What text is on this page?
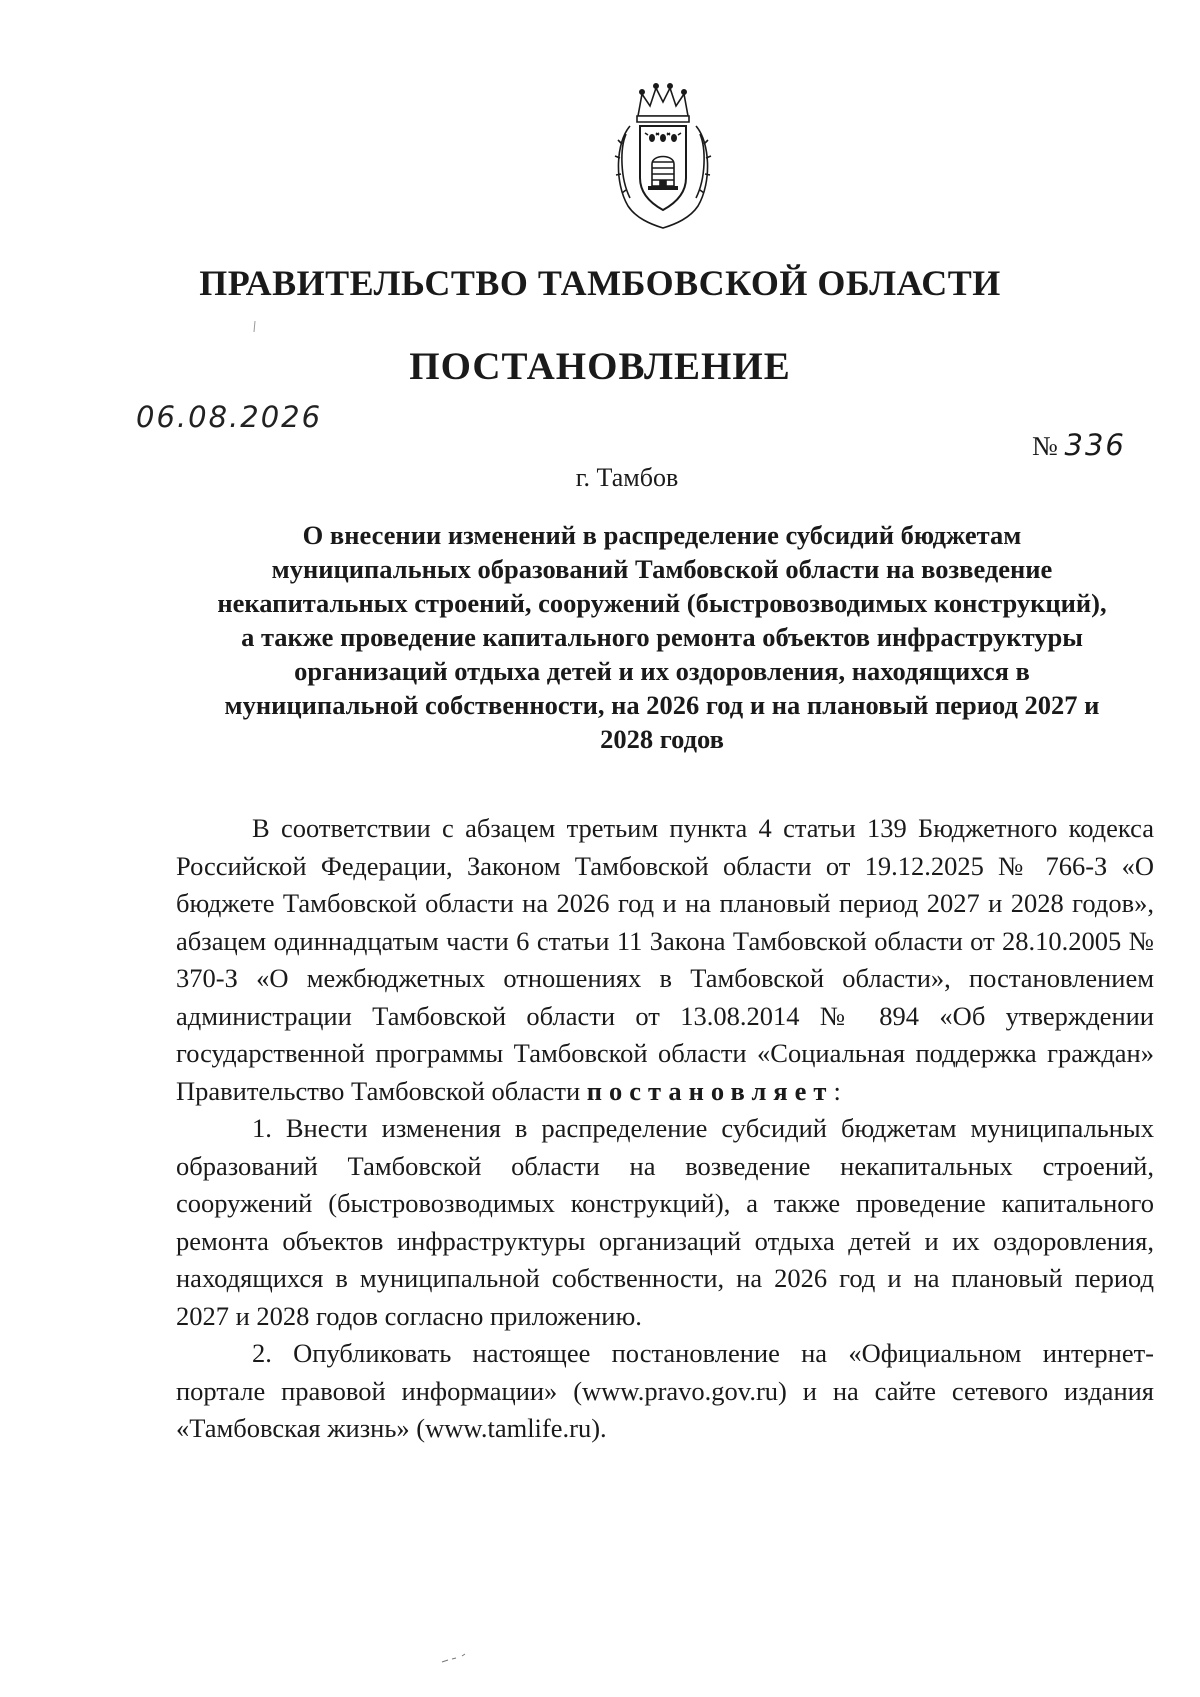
ПРАВИТЕЛЬСТВО ТАМБОВСКОЙ ОБЛАСТИ
ПОСТАНОВЛЕНИЕ
06.08.2026
№ 336
г. Тамбов
О внесении изменений в распределение субсидий бюджетам
муниципальных образований Тамбовской области на возведение
некапитальных строений, сооружений (быстровозводимых конструкций),
а также проведение капитального ремонта объектов инфраструктуры
организаций отдыха детей и их оздоровления, находящихся в
муниципальной собственности, на 2026 год и на плановый период 2027 и
2028 годов

В соответствии с абзацем третьим пункта 4 статьи 139 Бюджетного кодекса Российской Федерации, Законом Тамбовской области от 19.12.2025 № 766-З «О бюджете Тамбовской области на 2026 год и на плановый период 2027 и 2028 годов», абзацем одиннадцатым части 6 статьи 11 Закона Тамбовской области от 28.10.2005 № 370-З «О межбюджетных отношениях в Тамбовской области», постановлением администрации Тамбовской области от 13.08.2014 № 894 «Об утверждении государственной программы Тамбовской области «Социальная поддержка граждан» Правительство Тамбовской области постановляет:

1. Внести изменения в распределение субсидий бюджетам муниципальных образований Тамбовской области на возведение некапитальных строений, сооружений (быстровозводимых конструкций), а также проведение капитального ремонта объектов инфраструктуры организаций отдыха детей и их оздоровления, находящихся в муниципальной собственности, на 2026 год и на плановый период 2027 и 2028 годов согласно приложению.

2. Опубликовать настоящее постановление на «Официальном интернет-портале правовой информации» (www.pravo.gov.ru) и на сайте сетевого издания «Тамбовская жизнь» (www.tamlife.ru).
